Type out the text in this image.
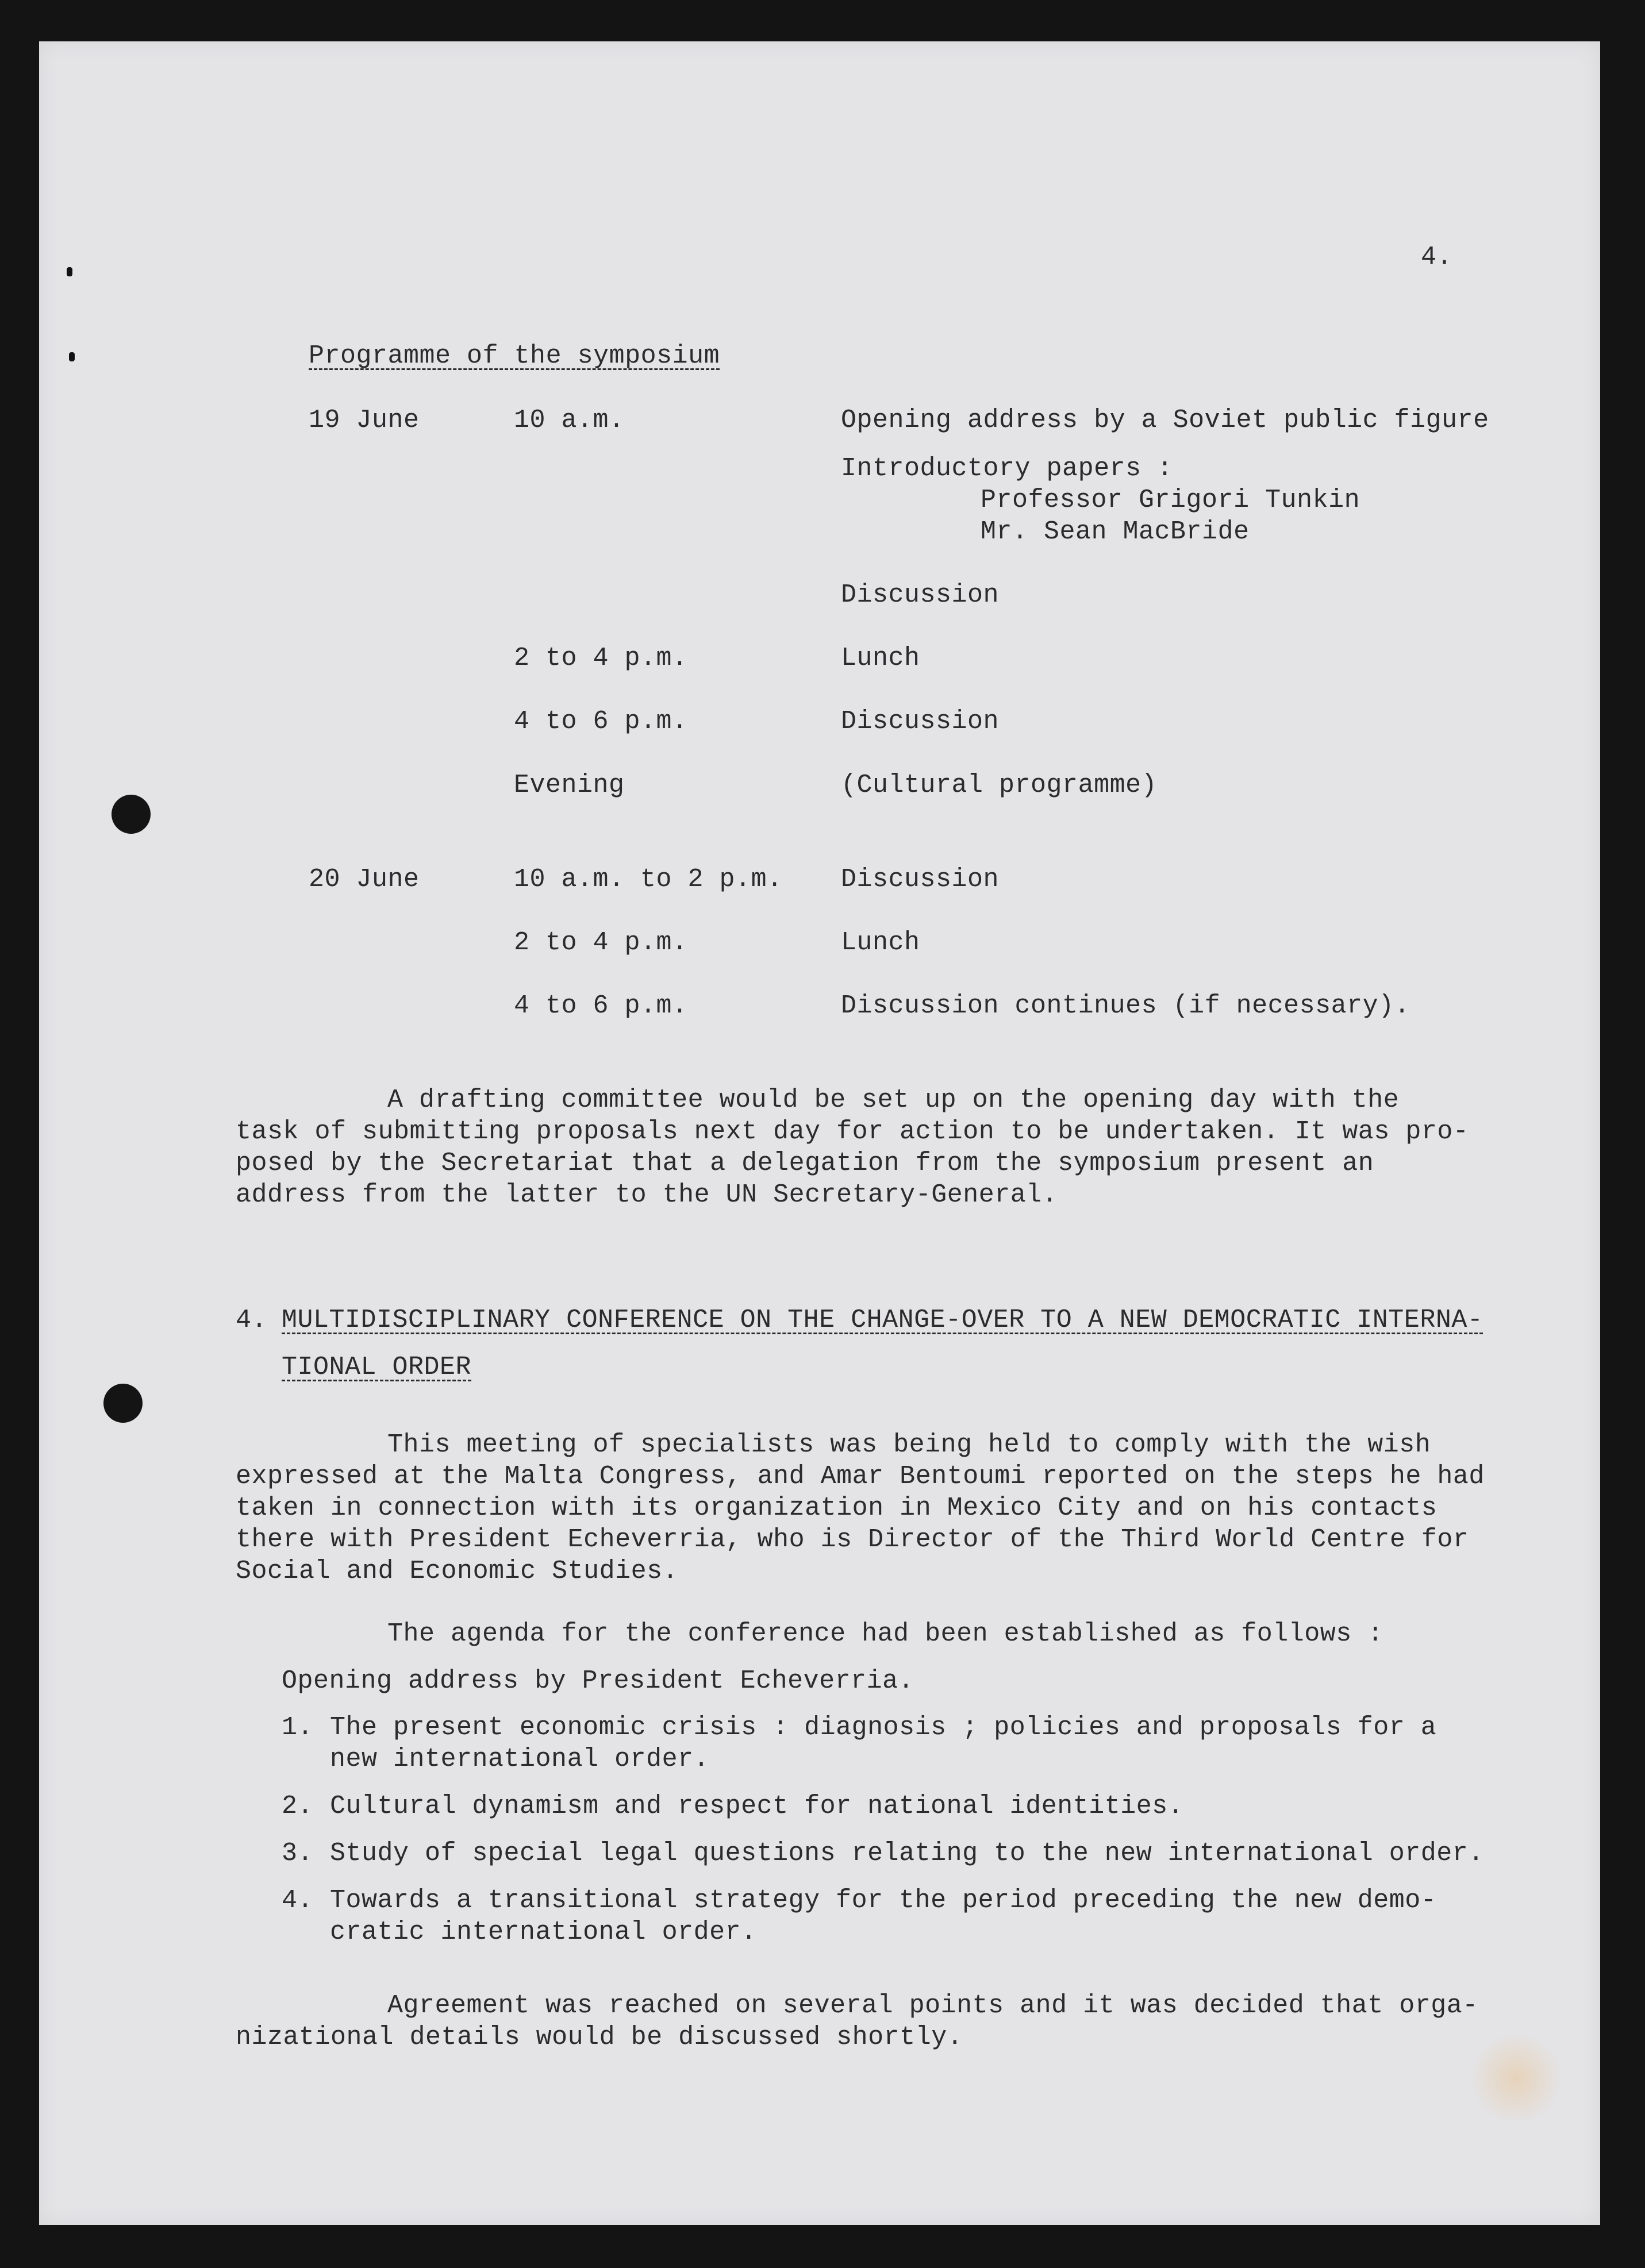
4.
Programme of the symposium
19 June	10 a.m.	Opening address by a Soviet public figure
Introductory papers :
Professor Grigori Tunkin
Mr. Sean MacBride
Discussion
2 to 4 p.m.	Lunch
4 to 6 p.m.	Discussion
Evening	(Cultural programme)
20 June	10 a.m. to 2 p.m. Discussion
2 to 4 p.m.	Lunch
4 to 6 p.m.	Discussion continues (if necessary).
A drafting committee would be set up on the opening day with the
task of submitting proposals next day for action to be undertaken. It was pro-
posed by the Secretariat that a delegation from the symposium present an
address from the latter to the UN Secretary-General.
4. MULTIDISCIPLINARY CONFERENCE ON THE CHANGE-OVER TO A NEW DEMOCRATIC INTERNA-
TIONAL ORDER
This meeting of specialists was being held to comply with the wish
expressed at the Malta Congress, and Amar Bentoumi reported on the steps he had
taken in connection with its organization in Mexico City and on his contacts
there with President Echeverria, who is Director of the Third World Centre for
Social and Economic Studies.
The agenda for the conference had been established as follows :
Opening address by President Echeverria.
1. The present economic crisis : diagnosis ; policies and proposals for a
new international order.
2. Cultural dynamism and respect for national identities.
3. Study of special legal questions relating to the new international order.
4. Towards a transitional strategy for the period preceding the new demo-
cratic international order.
Agreement was reached on several points and it was decided that orga-
nizational details would be discussed shortly.
